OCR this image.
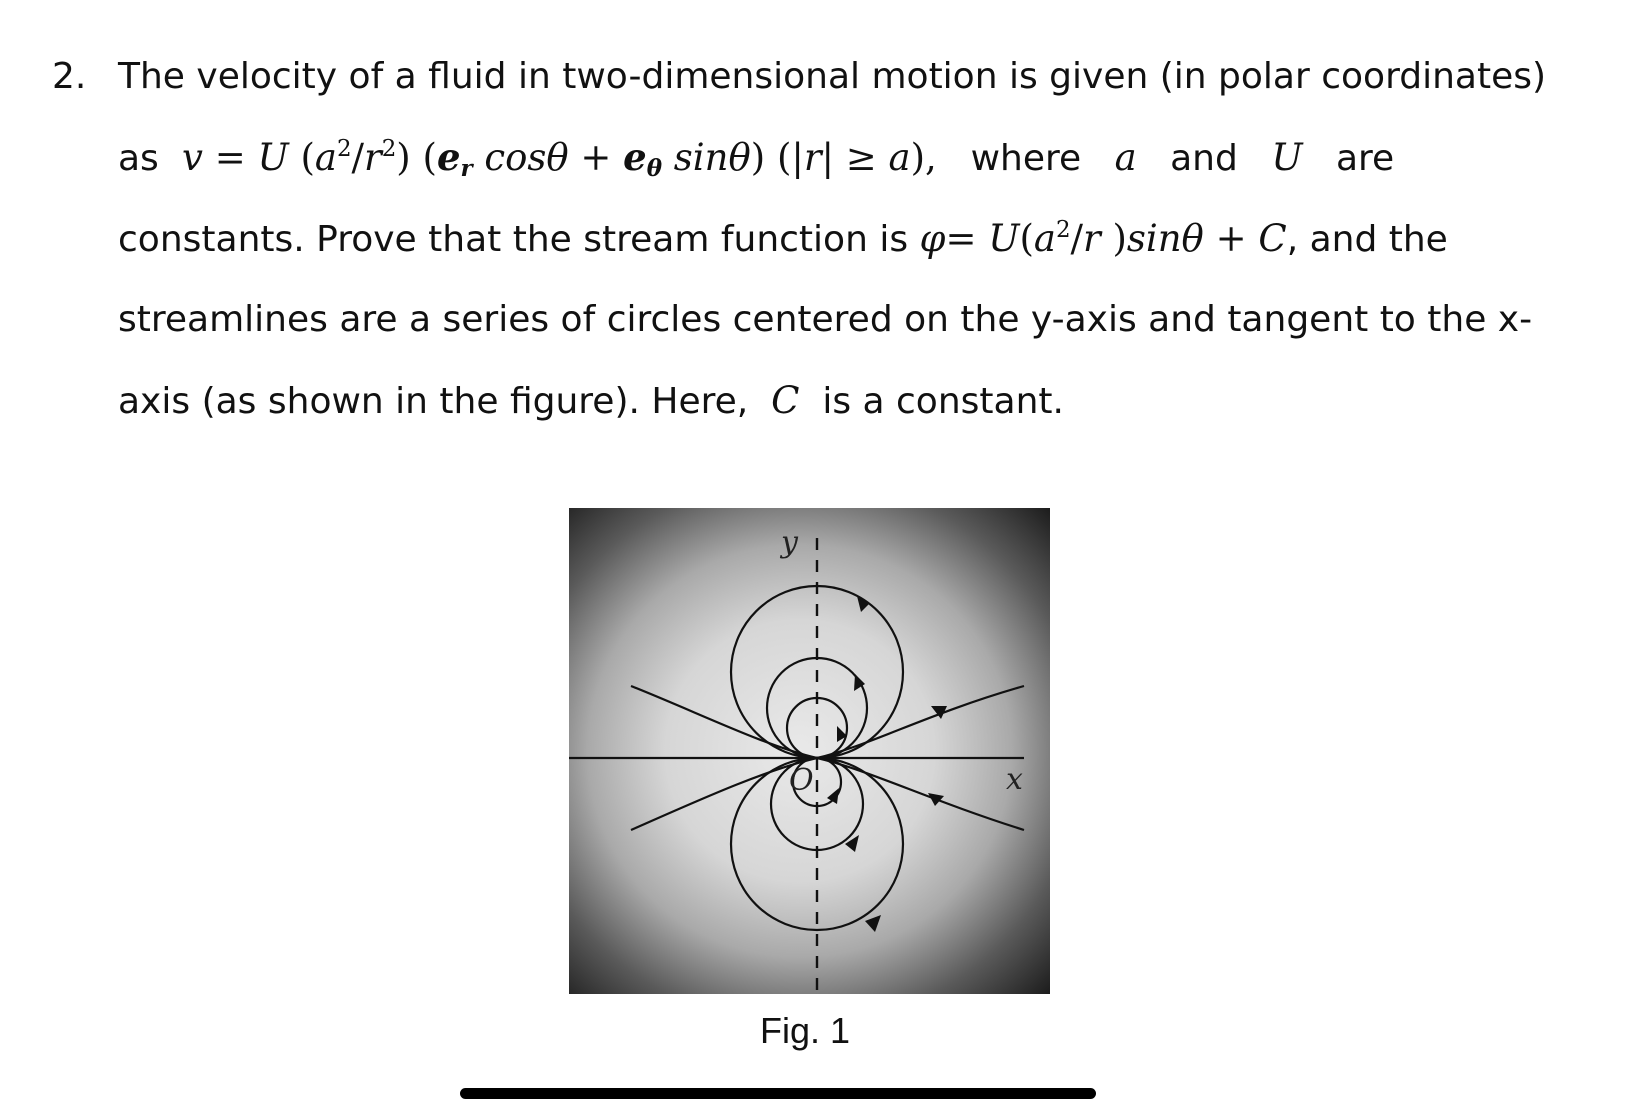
2. The velocity of a fluid in two-dimensional motion is given (in polar coordinates)
as v = U $(a^2/r^2)$ ($e_r$ $\cos\theta + e_\theta$ sinθ) (|r| ≥ a), where a and U are
constants. Prove that the stream function is $\varphi= U(a^2/r$ )sinθ + C, and the
streamlines are a series of circles centered on the y-axis and tangent to the x-
axis (as shown in the figure). Here, C is a constant.
y
x
O
Fig. 1
